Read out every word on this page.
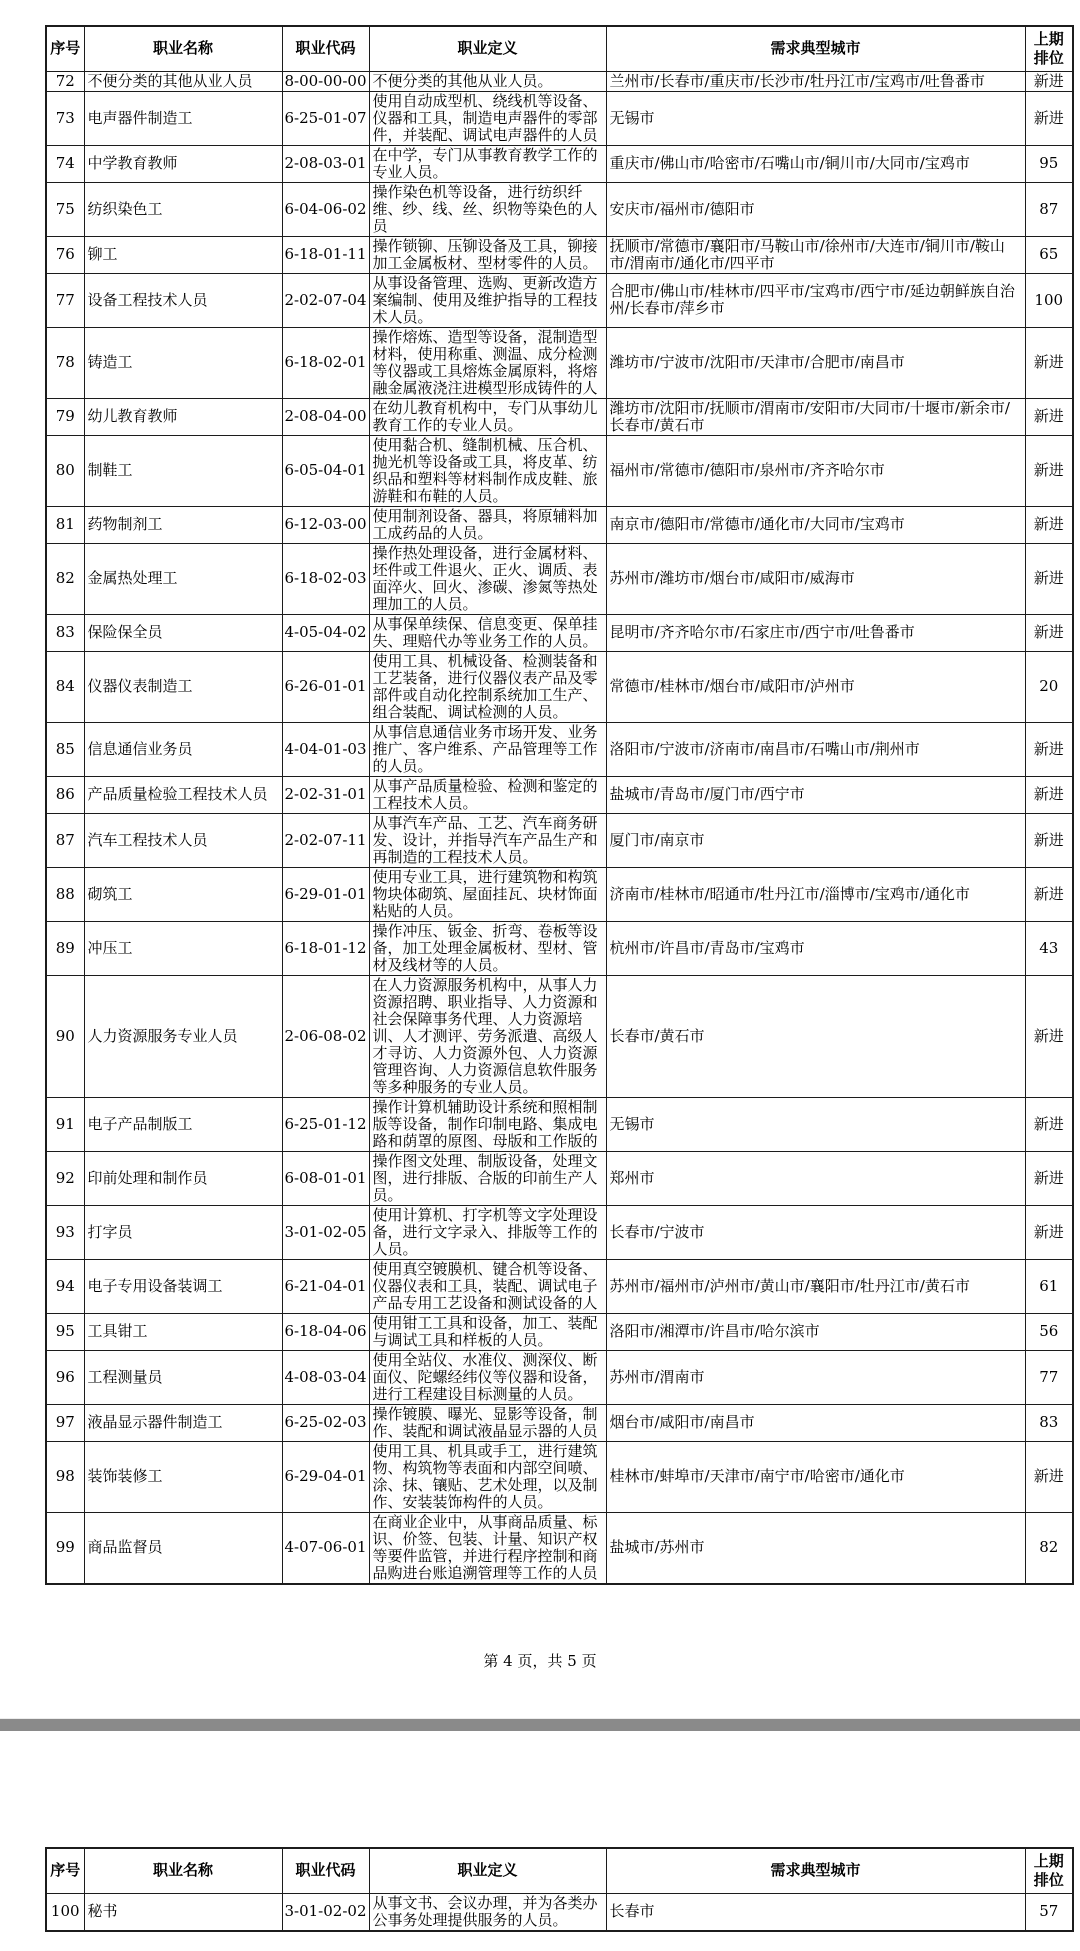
序号	职业名称	职业代码	职业定义	需求典型城市	上期排位
72	不便分类的其他从业人员	8-00-00-00	不便分类的其他从业人员。	兰州市/长春市/重庆市/长沙市/牡丹江市/宝鸡市/吐鲁番市	新进
73	电声器件制造工	6-25-01-07	使用自动成型机、绕线机等设备、仪器和工具，制造电声器件的零部件，并装配、调试电声器件的人员	无锡市	新进
74	中学教育教师	2-08-03-01	在中学，专门从事教育教学工作的专业人员。	重庆市/佛山市/哈密市/石嘴山市/铜川市/大同市/宝鸡市	95
75	纺织染色工	6-04-06-02	操作染色机等设备，进行纺织纤维、纱、线、丝、织物等染色的人员	安庆市/福州市/德阳市	87
76	铆工	6-18-01-11	操作锁铆、压铆设备及工具，铆接加工金属板材、型材零件的人员。	抚顺市/常德市/襄阳市/马鞍山市/徐州市/大连市/铜川市/鞍山市/渭南市/通化市/四平市	65
77	设备工程技术人员	2-02-07-04	从事设备管理、选购、更新改造方案编制、使用及维护指导的工程技术人员。	合肥市/佛山市/桂林市/四平市/宝鸡市/西宁市/延边朝鲜族自治州/长春市/萍乡市	100
78	铸造工	6-18-02-01	操作熔炼、造型等设备，混制造型材料，使用称重、测温、成分检测等仪器或工具熔炼金属原料，将熔融金属液浇注进模型形成铸件的人	潍坊市/宁波市/沈阳市/天津市/合肥市/南昌市	新进
79	幼儿教育教师	2-08-04-00	在幼儿教育机构中，专门从事幼儿教育工作的专业人员。	潍坊市/沈阳市/抚顺市/渭南市/安阳市/大同市/十堰市/新余市/长春市/黄石市	新进
80	制鞋工	6-05-04-01	使用黏合机、缝制机械、压合机、抛光机等设备或工具，将皮革、纺织品和塑料等材料制作成皮鞋、旅游鞋和布鞋的人员。	福州市/常德市/德阳市/泉州市/齐齐哈尔市	新进
81	药物制剂工	6-12-03-00	使用制剂设备、器具，将原辅料加工成药品的人员。	南京市/德阳市/常德市/通化市/大同市/宝鸡市	新进
82	金属热处理工	6-18-02-03	操作热处理设备，进行金属材料、坯件或工件退火、正火、调质、表面淬火、回火、渗碳、渗氮等热处理加工的人员。	苏州市/潍坊市/烟台市/咸阳市/威海市	新进
83	保险保全员	4-05-04-02	从事保单续保、信息变更、保单挂失、理赔代办等业务工作的人员。	昆明市/齐齐哈尔市/石家庄市/西宁市/吐鲁番市	新进
84	仪器仪表制造工	6-26-01-01	使用工具、机械设备、检测装备和工艺装备，进行仪器仪表产品及零部件或自动化控制系统加工生产、组合装配、调试检测的人员。	常德市/桂林市/烟台市/咸阳市/泸州市	20
85	信息通信业务员	4-04-01-03	从事信息通信业务市场开发、业务推广、客户维系、产品管理等工作的人员。	洛阳市/宁波市/济南市/南昌市/石嘴山市/荆州市	新进
86	产品质量检验工程技术人员	2-02-31-01	从事产品质量检验、检测和鉴定的工程技术人员。	盐城市/青岛市/厦门市/西宁市	新进
87	汽车工程技术人员	2-02-07-11	从事汽车产品、工艺、汽车商务研发、设计，并指导汽车产品生产和再制造的工程技术人员。	厦门市/南京市	新进
88	砌筑工	6-29-01-01	使用专业工具，进行建筑物和构筑物块体砌筑、屋面挂瓦、块材饰面粘贴的人员。	济南市/桂林市/昭通市/牡丹江市/淄博市/宝鸡市/通化市	新进
89	冲压工	6-18-01-12	操作冲压、钣金、折弯、卷板等设备，加工处理金属板材、型材、管材及线材等的人员。	杭州市/许昌市/青岛市/宝鸡市	43
90	人力资源服务专业人员	2-06-08-02	在人力资源服务机构中，从事人力资源招聘、职业指导、人力资源和社会保障事务代理、人力资源培训、人才测评、劳务派遣、高级人才寻访、人力资源外包、人力资源管理咨询、人力资源信息软件服务等多种服务的专业人员。	长春市/黄石市	新进
91	电子产品制版工	6-25-01-12	操作计算机辅助设计系统和照相制版等设备，制作印制电路、集成电路和荫罩的原图、母版和工作版的	无锡市	新进
92	印前处理和制作员	6-08-01-01	操作图文处理、制版设备，处理文图，进行排版、合版的印前生产人员。	郑州市	新进
93	打字员	3-01-02-05	使用计算机、打字机等文字处理设备，进行文字录入、排版等工作的人员。	长春市/宁波市	新进
94	电子专用设备装调工	6-21-04-01	使用真空镀膜机、键合机等设备、仪器仪表和工具，装配、调试电子产品专用工艺设备和测试设备的人	苏州市/福州市/泸州市/黄山市/襄阳市/牡丹江市/黄石市	61
95	工具钳工	6-18-04-06	使用钳工工具和设备，加工、装配与调试工具和样板的人员。	洛阳市/湘潭市/许昌市/哈尔滨市	56
96	工程测量员	4-08-03-04	使用全站仪、水准仪、测深仪、断面仪、陀螺经纬仪等仪器和设备，进行工程建设目标测量的人员。	苏州市/渭南市	77
97	液晶显示器件制造工	6-25-02-03	操作镀膜、曝光、显影等设备，制作、装配和调试液晶显示器的人员	烟台市/咸阳市/南昌市	83
98	装饰装修工	6-29-04-01	使用工具、机具或手工，进行建筑物、构筑物等表面和内部空间喷、涂、抹、镶贴、艺术处理，以及制作、安装装饰构件的人员。	桂林市/蚌埠市/天津市/南宁市/哈密市/通化市	新进
99	商品监督员	4-07-06-01	在商业企业中，从事商品质量、标识、价签、包装、计量、知识产权等要件监管，并进行程序控制和商品购进台账追溯管理等工作的人员	盐城市/苏州市	82
第 4 页，共 5 页
序号	职业名称	职业代码	职业定义	需求典型城市	上期排位
100	秘书	3-01-02-02	从事文书、会议办理，并为各类办公事务处理提供服务的人员。	长春市	57
